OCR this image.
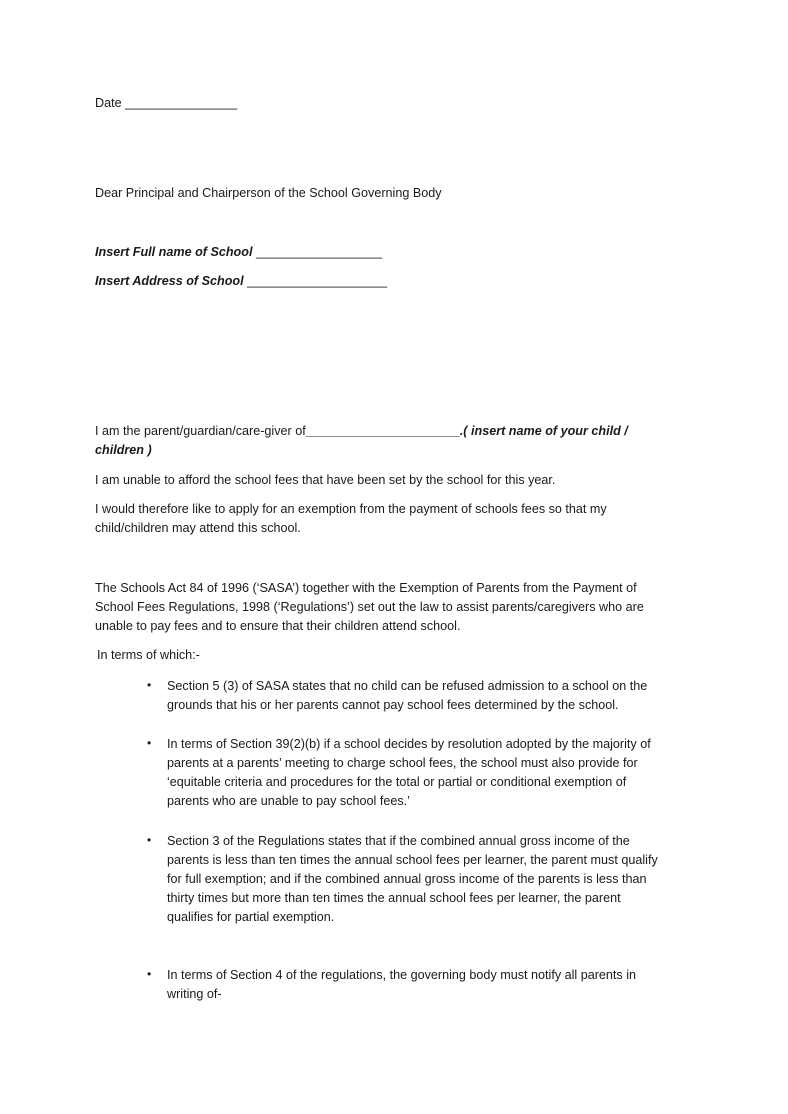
Date ________________
Dear Principal and Chairperson of the School Governing Body
Insert Full name of School __________________
Insert Address of School ____________________
I am the parent/guardian/care-giver of______________________.( insert name of your child /
children )
I am unable to afford the school fees that have been set by the school for this year.
I would therefore like to apply for an exemption from the payment of schools fees so that my
child/children may attend this school.
The Schools Act 84 of 1996 (‘SASA’) together with the Exemption of Parents from the Payment of
School Fees Regulations, 1998 (‘Regulations’) set out the law to assist parents/caregivers who are
unable to pay fees and to ensure that their children attend school.
In terms of which:-
• Section 5 (3) of SASA states that no child can be refused admission to a school on the
grounds that his or her parents cannot pay school fees determined by the school.
• In terms of Section 39(2)(b) if a school decides by resolution adopted by the majority of
parents at a parents’ meeting to charge school fees, the school must also provide for
‘equitable criteria and procedures for the total or partial or conditional exemption of
parents who are unable to pay school fees.’
• Section 3 of the Regulations states that if the combined annual gross income of the
parents is less than ten times the annual school fees per learner, the parent must qualify
for full exemption; and if the combined annual gross income of the parents is less than
thirty times but more than ten times the annual school fees per learner, the parent
qualifies for partial exemption.
• In terms of Section 4 of the regulations, the governing body must notify all parents in
writing of-
